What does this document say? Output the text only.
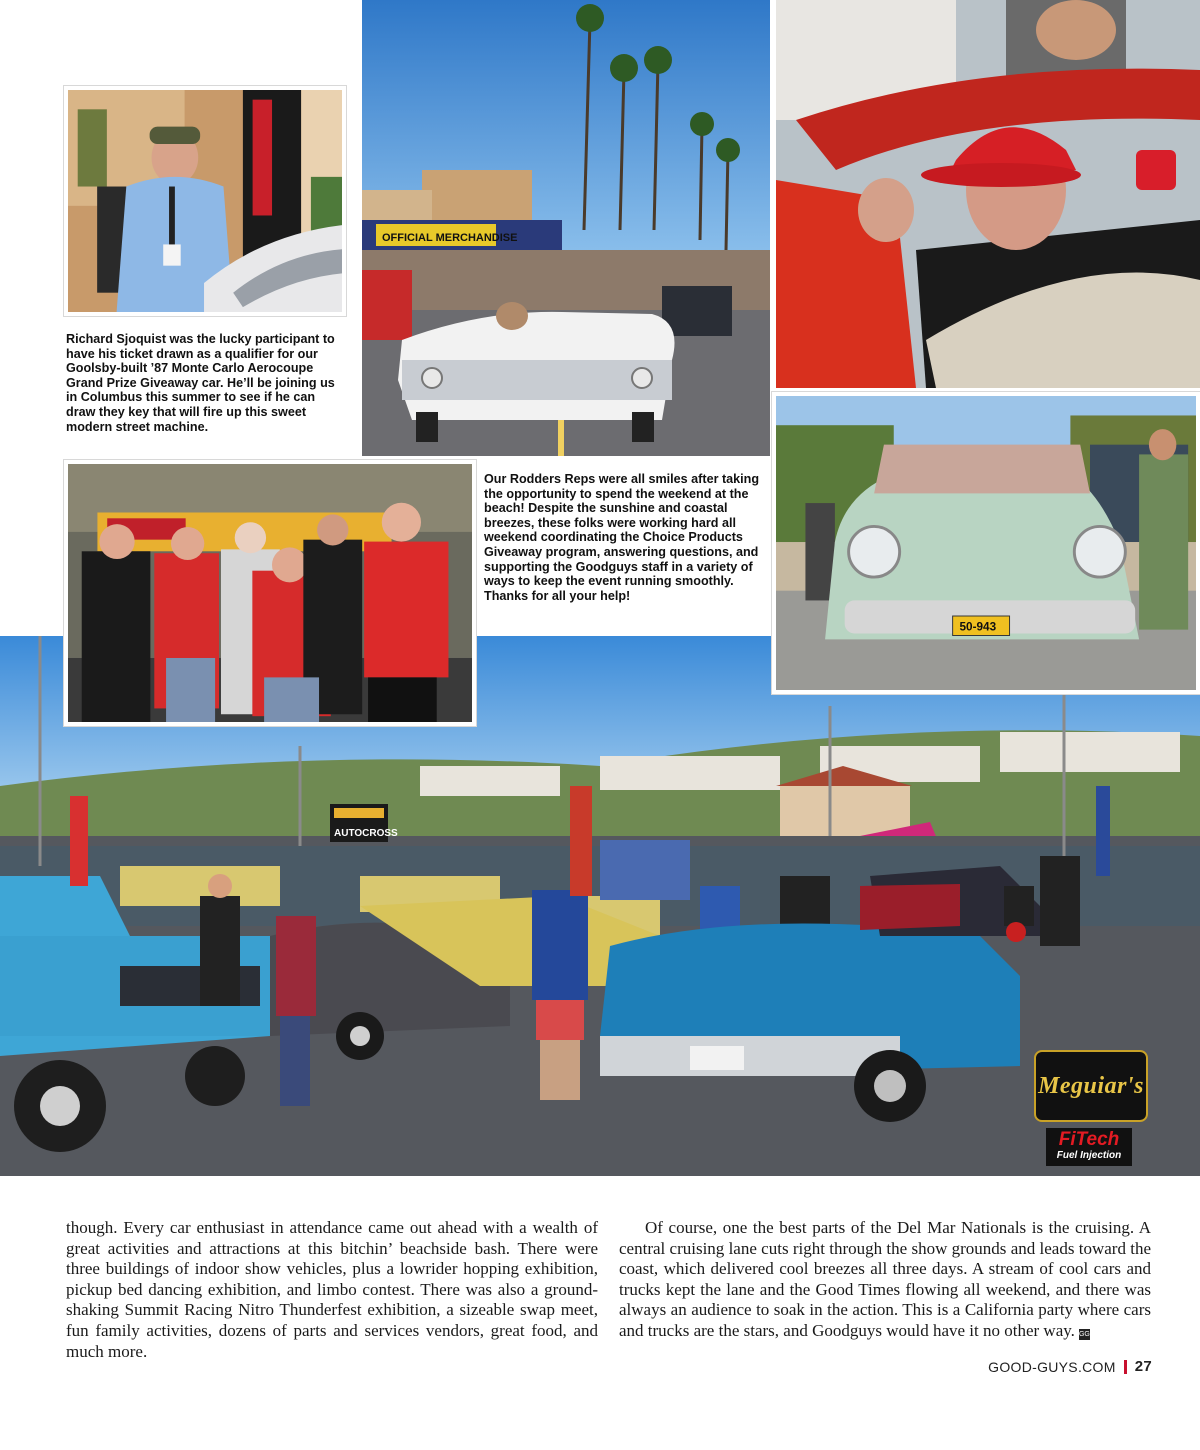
Richard Sjoquist was the lucky participant to have his ticket drawn as a qualifier for our Goolsby-built ’87 Monte Carlo Aerocoupe Grand Prize Giveaway car. He’ll be joining us in Columbus this summer to see if he can draw they key that will fire up this sweet modern street machine.
OFFICIAL MERCHANDISE
Our Rodders Reps were all smiles after taking the opportunity to spend the weekend at the beach! Despite the sunshine and coastal breezes, these folks were working hard all weekend coordinating the Choice Products Giveaway program, answering questions, and supporting the Goodguys staff in a variety of ways to keep the event running smoothly. Thanks for all your help!
50-943
AUTOCROSS
Meguiar's
FiTech
Fuel Injection

though. Every car enthusiast in attendance came out ahead with a wealth of great activities and attractions at this bitchin’ beachside bash. There were three buildings of indoor show vehicles, plus a lowrider hopping exhibition, pickup bed dancing exhibition, and limbo contest. There was also a ground-shaking Summit Racing Nitro Thunderfest exhibition, a sizeable swap meet, fun family activities, dozens of parts and services vendors, great food, and much more.

Of course, one the best parts of the Del Mar Nationals is the cruising. A central cruising lane cuts right through the show grounds and leads toward the coast, which delivered cool breezes all three days. A stream of cool cars and trucks kept the lane and the Good Times flowing all weekend, and there was always an audience to soak in the action. This is a California party where cars and trucks are the stars, and Goodguys would have it no other way. GG

GOOD-GUYS.COM 27
